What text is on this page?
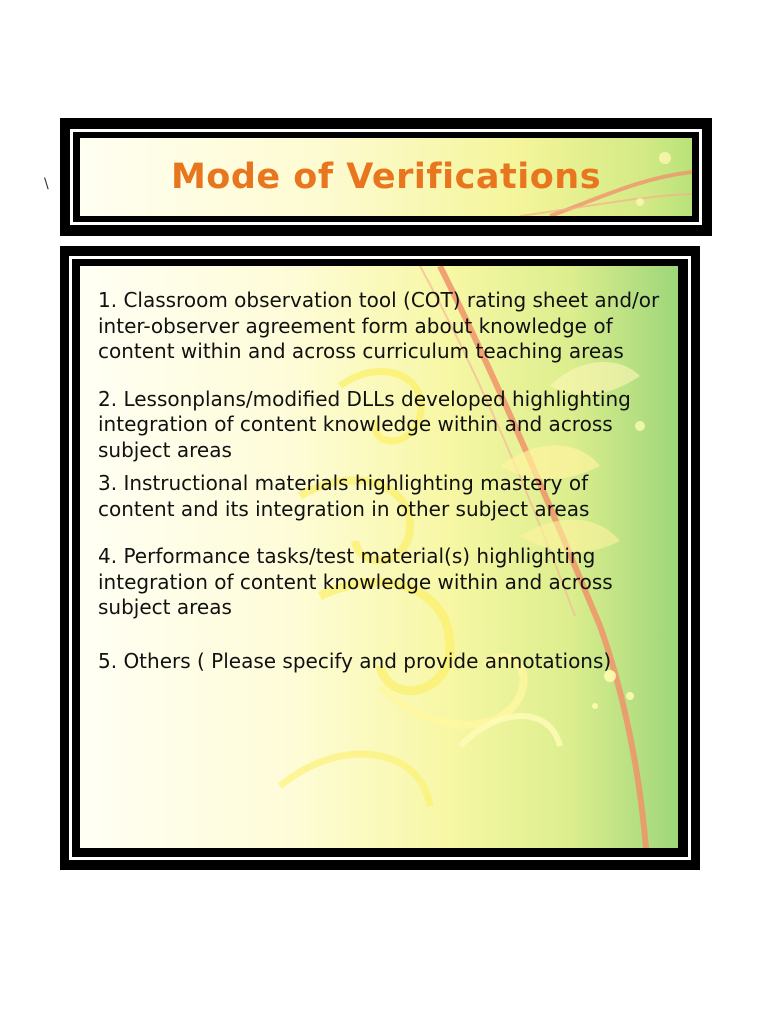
\	Mode of Verifications
1. Classroom observation tool (COT) rating sheet and/or inter-observer agreement form about knowledge of content within and across curriculum teaching areas
2. Lessonplans/modified DLLs developed highlighting integration of content knowledge within and across subject areas
3. Instructional materials highlighting mastery of content and its integration in other subject areas
4. Performance tasks/test material(s) highlighting integration of content knowledge within and across subject areas
5. Others ( Please specify and provide annotations)
